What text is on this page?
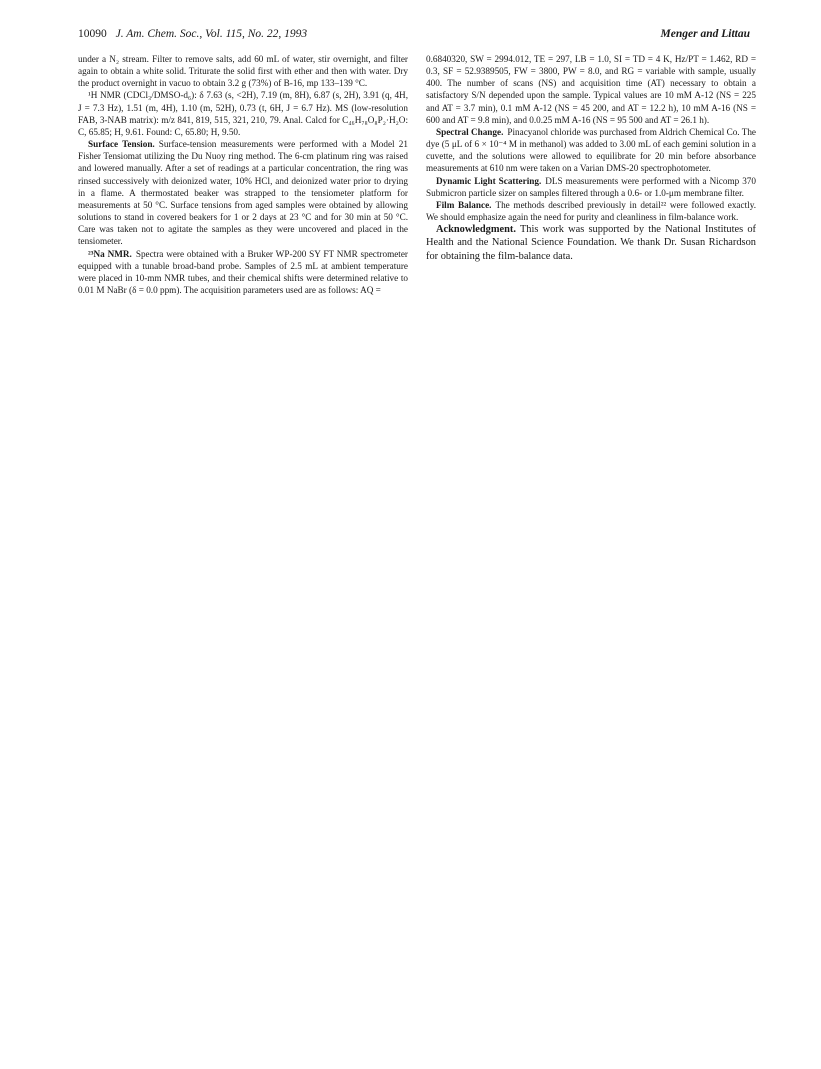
10090 J. Am. Chem. Soc., Vol. 115, No. 22, 1993	Menger and Littau

under a N₂ stream. Filter to remove salts, add 60 mL of water, stir overnight, and filter again to obtain a white solid. Triturate the solid first with ether and then with water. Dry the product overnight in vacuo to obtain 3.2 g (73%) of B-16, mp 133–139 °C.

¹H NMR (CDCl₃/DMSO-d₆): δ 7.63 (s, <2H), 7.19 (m, 8H), 6.87 (s, 2H), 3.91 (q, 4H, J = 7.3 Hz), 1.51 (m, 4H), 1.10 (m, 52H), 0.73 (t, 6H, J = 6.7 Hz). MS (low-resolution FAB, 3-NAB matrix): m/z 841, 819, 515, 321, 210, 79. Anal. Calcd for C₄₆H₇₈O₈P₂·H₂O: C, 65.85; H, 9.61. Found: C, 65.80; H, 9.50.

Surface Tension. Surface-tension measurements were performed with a Model 21 Fisher Tensiomat utilizing the Du Nuoy ring method. The 6-cm platinum ring was raised and lowered manually. After a set of readings at a particular concentration, the ring was rinsed successively with deionized water, 10% HCl, and deionized water prior to drying in a flame. A thermostated beaker was strapped to the tensiometer platform for measurements at 50 °C. Surface tensions from aged samples were obtained by allowing solutions to stand in covered beakers for 1 or 2 days at 23 °C and for 30 min at 50 °C. Care was taken not to agitate the samples as they were uncovered and placed in the tensiometer.

²³Na NMR. Spectra were obtained with a Bruker WP-200 SY FT NMR spectrometer equipped with a tunable broad-band probe. Samples of 2.5 mL at ambient temperature were placed in 10-mm NMR tubes, and their chemical shifts were determined relative to 0.01 M NaBr (δ = 0.0 ppm). The acquisition parameters used are as follows: AQ =

0.6840320, SW = 2994.012, TE = 297, LB = 1.0, SI = TD = 4 K, Hz/PT = 1.462, RD = 0.3, SF = 52.9389505, FW = 3800, PW = 8.0, and RG = variable with sample, usually 400. The number of scans (NS) and acquisition time (AT) necessary to obtain a satisfactory S/N depended upon the sample. Typical values are 10 mM A-12 (NS = 225 and AT = 3.7 min), 0.1 mM A-12 (NS = 45 200, and AT = 12.2 h), 10 mM A-16 (NS = 600 and AT = 9.8 min), and 0.0.25 mM A-16 (NS = 95 500 and AT = 26.1 h).

Spectral Change. Pinacyanol chloride was purchased from Aldrich Chemical Co. The dye (5 μL of 6 × 10⁻⁴ M in methanol) was added to 3.00 mL of each gemini solution in a cuvette, and the solutions were allowed to equilibrate for 20 min before absorbance measurements at 610 nm were taken on a Varian DMS-20 spectrophotometer.

Dynamic Light Scattering. DLS measurements were performed with a Nicomp 370 Submicron particle sizer on samples filtered through a 0.6- or 1.0-μm membrane filter.

Film Balance. The methods described previously in detail²² were followed exactly. We should emphasize again the need for purity and cleanliness in film-balance work.

Acknowledgment. This work was supported by the National Institutes of Health and the National Science Foundation. We thank Dr. Susan Richardson for obtaining the film-balance data.
